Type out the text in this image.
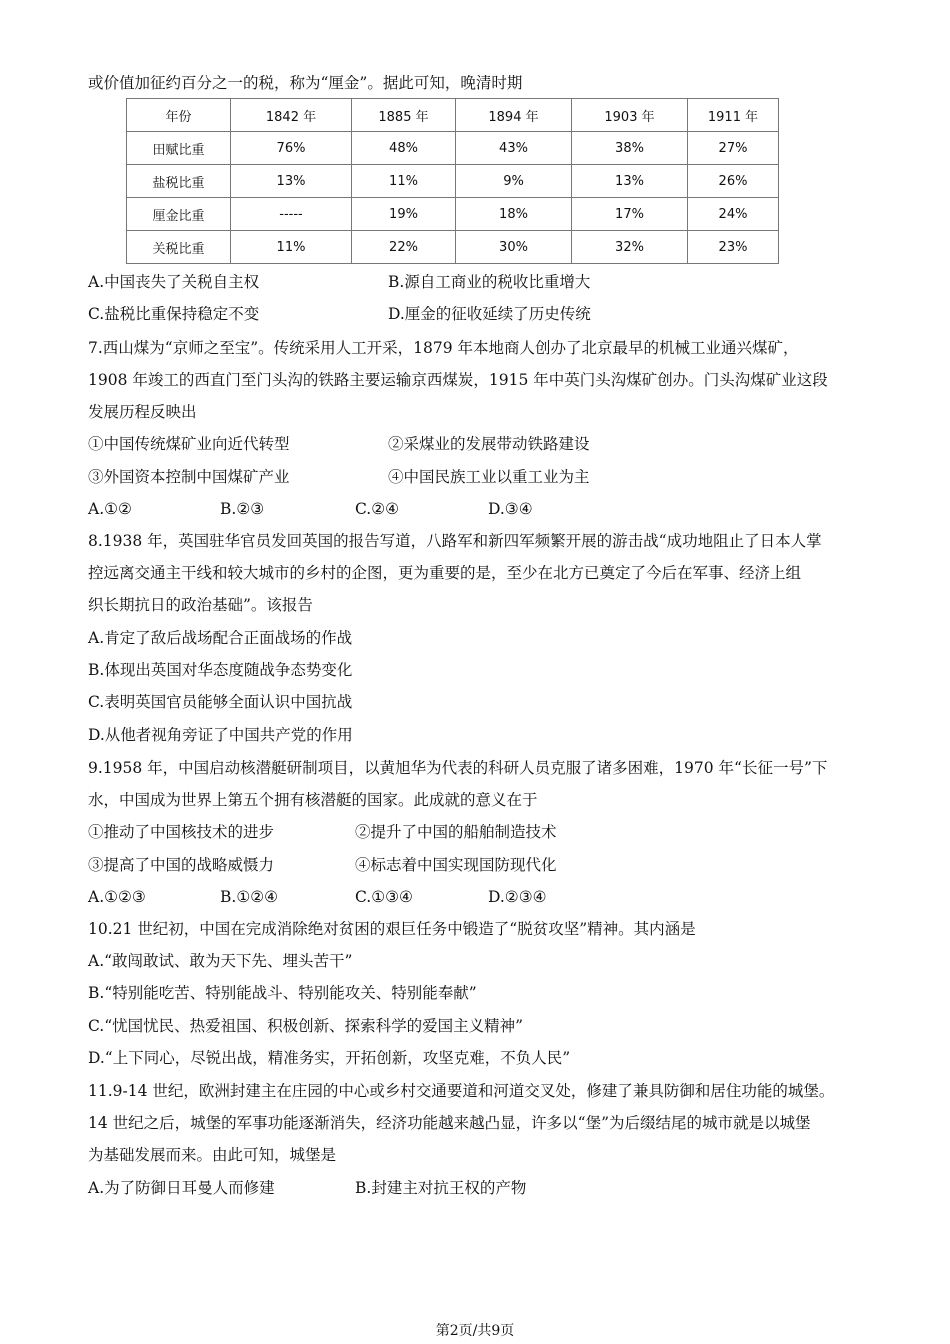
或价值加征约百分之一的税，称为“厘金”。据此可知，晚清时期
年份	1842 年	1885 年	1894 年	1903 年	1911 年
田赋比重	76%	48%	43%	38%	27%
盐税比重	13%	11%	9%	13%	26%
厘金比重	-----	19%	18%	17%	24%
关税比重	11%	22%	30%	32%	23%
A.中国丧失了关税自主权	B.源自工商业的税收比重增大
C.盐税比重保持稳定不变	D.厘金的征收延续了历史传统
7.西山煤为“京师之至宝”。传统采用人工开采，1879 年本地商人创办了北京最早的机械工业通兴煤矿，
1908 年竣工的西直门至门头沟的铁路主要运输京西煤炭，1915 年中英门头沟煤矿创办。门头沟煤矿业这段
发展历程反映出
①中国传统煤矿业向近代转型	②采煤业的发展带动铁路建设
③外国资本控制中国煤矿产业	④中国民族工业以重工业为主
A.①②	B.②③	C.②④	D.③④
8.1938 年，英国驻华官员发回英国的报告写道，八路军和新四军频繁开展的游击战“成功地阻止了日本人掌
控远离交通主干线和较大城市的乡村的企图，更为重要的是，至少在北方已奠定了今后在军事、经济上组
织长期抗日的政治基础”。该报告
A.肯定了敌后战场配合正面战场的作战
B.体现出英国对华态度随战争态势变化
C.表明英国官员能够全面认识中国抗战
D.从他者视角旁证了中国共产党的作用
9.1958 年，中国启动核潜艇研制项目，以黄旭华为代表的科研人员克服了诸多困难，1970 年“长征一号”下
水，中国成为世界上第五个拥有核潜艇的国家。此成就的意义在于
①推动了中国核技术的进步	②提升了中国的船舶制造技术
③提高了中国的战略威慑力	④标志着中国实现国防现代化
A.①②③	B.①②④	C.①③④	D.②③④
10.21 世纪初，中国在完成消除绝对贫困的艰巨任务中锻造了“脱贫攻坚”精神。其内涵是
A.“敢闯敢试、敢为天下先、埋头苦干”
B.“特别能吃苦、特别能战斗、特别能攻关、特别能奉献”
C.“忧国忧民、热爱祖国、积极创新、探索科学的爱国主义精神”
D.“上下同心，尽锐出战，精准务实，开拓创新，攻坚克难，不负人民”
11.9-14 世纪，欧洲封建主在庄园的中心或乡村交通要道和河道交叉处，修建了兼具防御和居住功能的城堡。
14 世纪之后，城堡的军事功能逐渐消失，经济功能越来越凸显，许多以“堡”为后缀结尾的城市就是以城堡
为基础发展而来。由此可知，城堡是
A.为了防御日耳曼人而修建	B.封建主对抗王权的产物
第2页/共9页
